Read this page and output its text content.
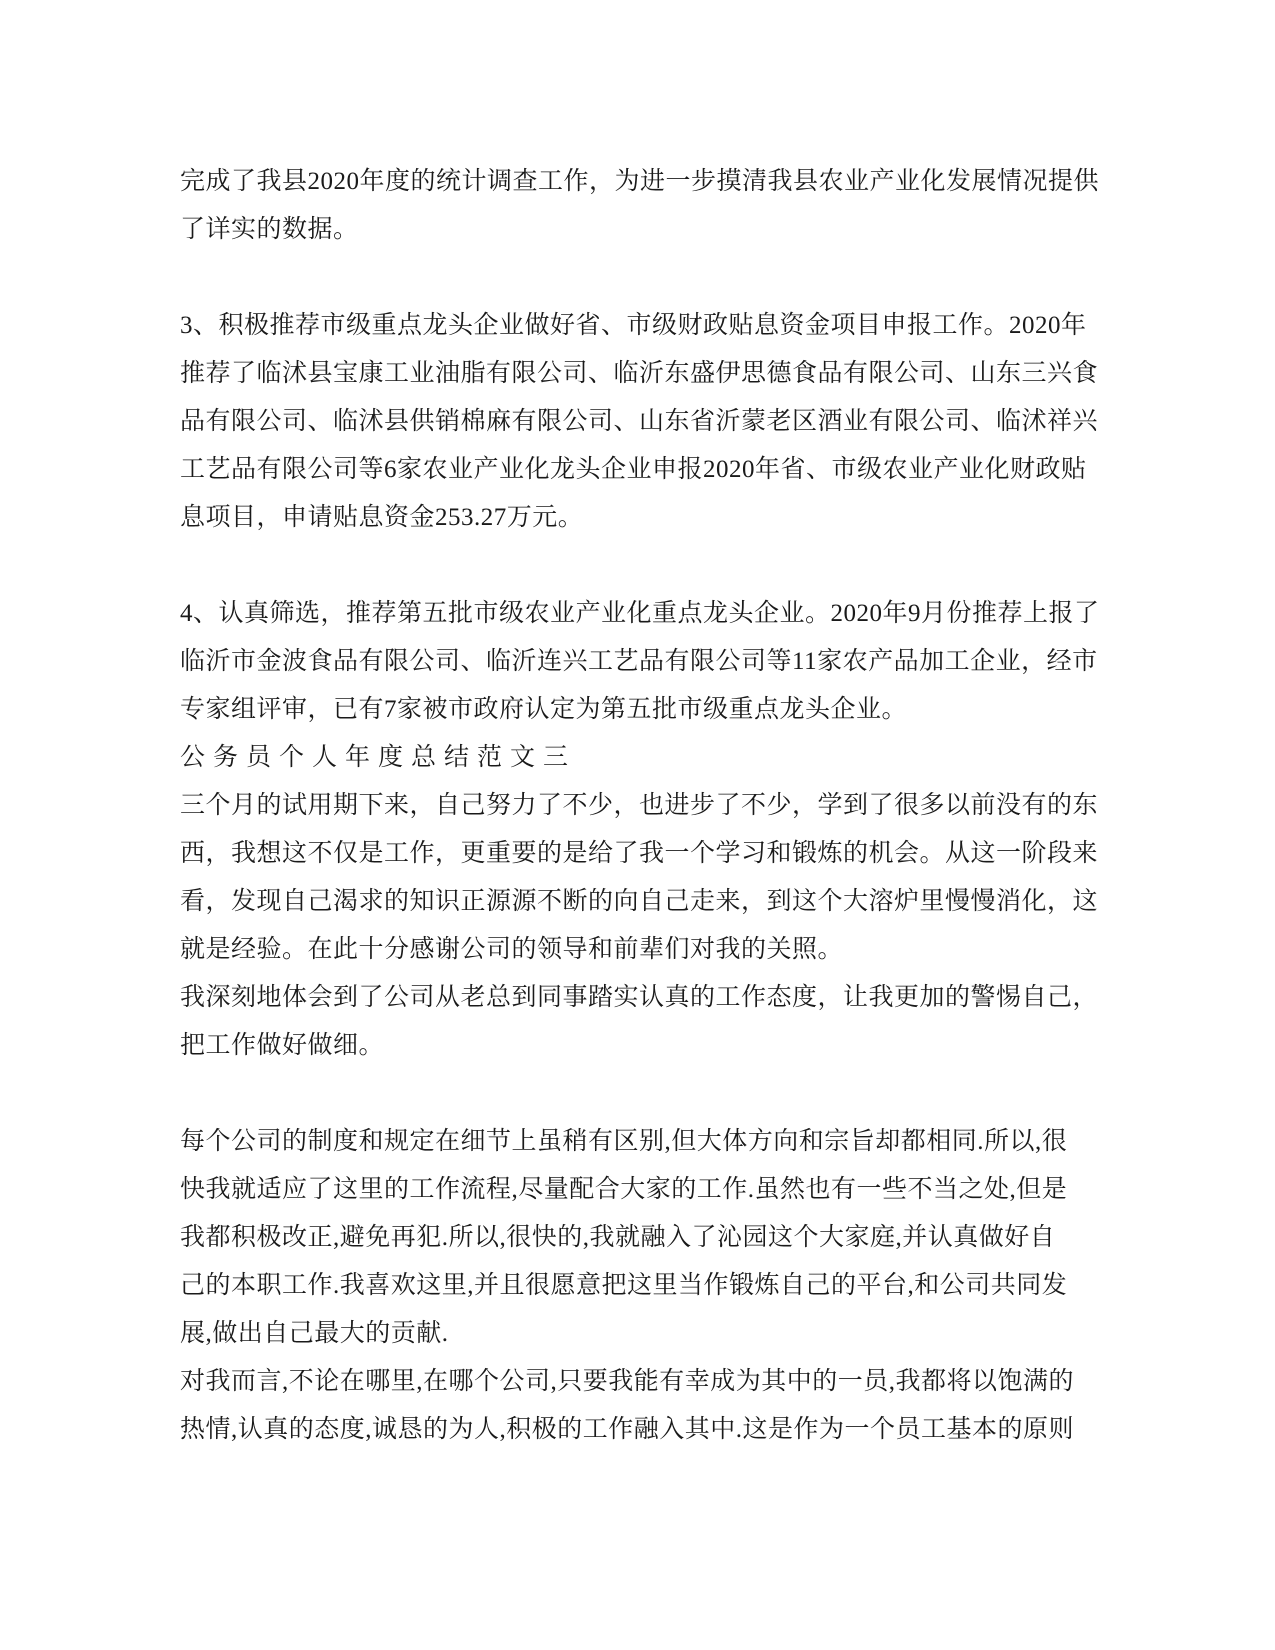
完成了我县2020年度的统计调查工作，为进一步摸清我县农业产业化发展情况提供
了详实的数据。
3、积极推荐市级重点龙头企业做好省、市级财政贴息资金项目申报工作。2020年
推荐了临沭县宝康工业油脂有限公司、临沂东盛伊思德食品有限公司、山东三兴食
品有限公司、临沭县供销棉麻有限公司、山东省沂蒙老区酒业有限公司、临沭祥兴
工艺品有限公司等6家农业产业化龙头企业申报2020年省、市级农业产业化财政贴
息项目，申请贴息资金253.27万元。
4、认真筛选，推荐第五批市级农业产业化重点龙头企业。2020年9月份推荐上报了
临沂市金波食品有限公司、临沂连兴工艺品有限公司等11家农产品加工企业，经市
专家组评审，已有7家被市政府认定为第五批市级重点龙头企业。
公务员个人年度总结范文三
三个月的试用期下来，自己努力了不少，也进步了不少，学到了很多以前没有的东
西，我想这不仅是工作，更重要的是给了我一个学习和锻炼的机会。从这一阶段来
看，发现自己渴求的知识正源源不断的向自己走来，到这个大溶炉里慢慢消化，这
就是经验。在此十分感谢公司的领导和前辈们对我的关照。
我深刻地体会到了公司从老总到同事踏实认真的工作态度，让我更加的警惕自己，
把工作做好做细。
每个公司的制度和规定在细节上虽稍有区别,但大体方向和宗旨却都相同.所以,很
快我就适应了这里的工作流程,尽量配合大家的工作.虽然也有一些不当之处,但是
我都积极改正,避免再犯.所以,很快的,我就融入了沁园这个大家庭,并认真做好自
己的本职工作.我喜欢这里,并且很愿意把这里当作锻炼自己的平台,和公司共同发
展,做出自己最大的贡献.
对我而言,不论在哪里,在哪个公司,只要我能有幸成为其中的一员,我都将以饱满的
热情,认真的态度,诚恳的为人,积极的工作融入其中.这是作为一个员工基本的原则
